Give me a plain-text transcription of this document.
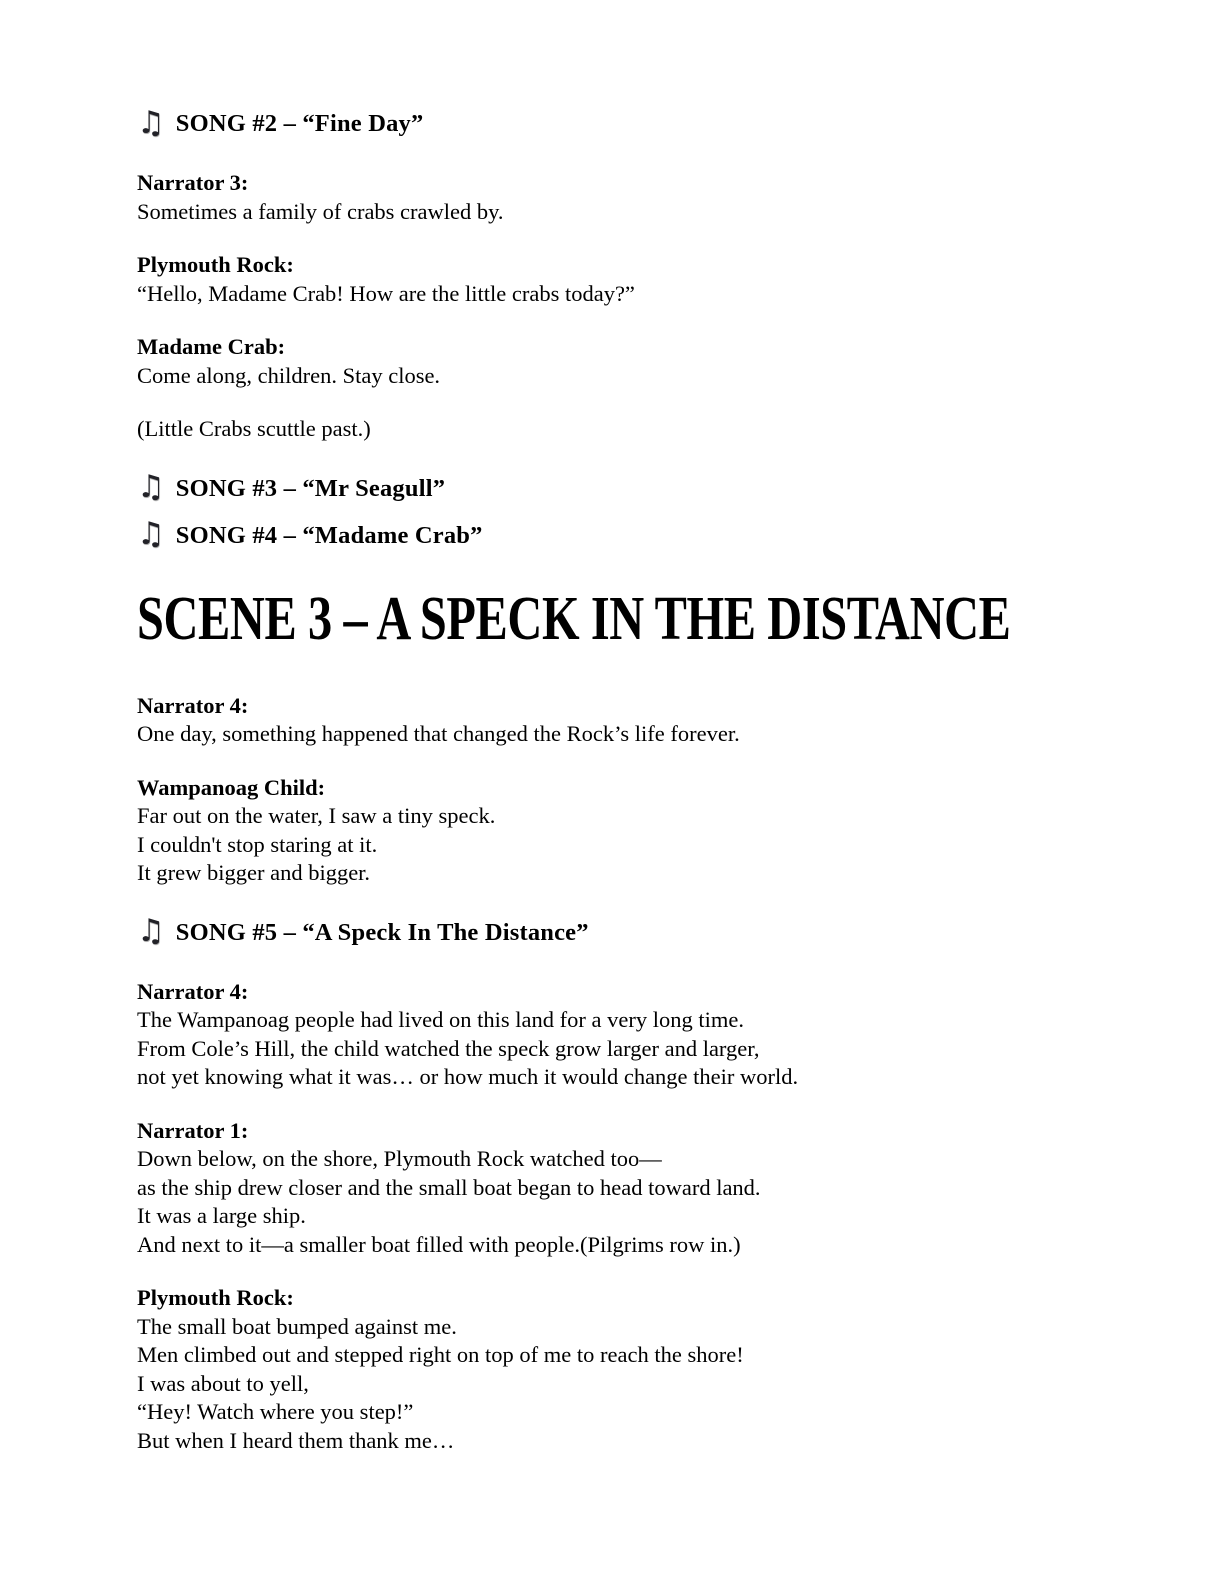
♫ SONG #2 – “Fine Day”
Narrator 3:
Sometimes a family of crabs crawled by.
Plymouth Rock:
“Hello, Madame Crab! How are the little crabs today?”
Madame Crab:
Come along, children. Stay close.
(Little Crabs scuttle past.)
♫ SONG #3 – “Mr Seagull”
♫ SONG #4 – “Madame Crab”
SCENE 3 – A SPECK IN THE DISTANCE
Narrator 4:
One day, something happened that changed the Rock’s life forever.
Wampanoag Child:
Far out on the water, I saw a tiny speck.
I couldn't stop staring at it.
It grew bigger and bigger.
♫ SONG #5 – “A Speck In The Distance”
Narrator 4:
The Wampanoag people had lived on this land for a very long time.
From Cole’s Hill, the child watched the speck grow larger and larger,
not yet knowing what it was… or how much it would change their world.
Narrator 1:
Down below, on the shore, Plymouth Rock watched too—
as the ship drew closer and the small boat began to head toward land.
It was a large ship.
And next to it—a smaller boat filled with people.(Pilgrims row in.)
Plymouth Rock:
The small boat bumped against me.
Men climbed out and stepped right on top of me to reach the shore!
I was about to yell,
“Hey! Watch where you step!”
But when I heard them thank me…
